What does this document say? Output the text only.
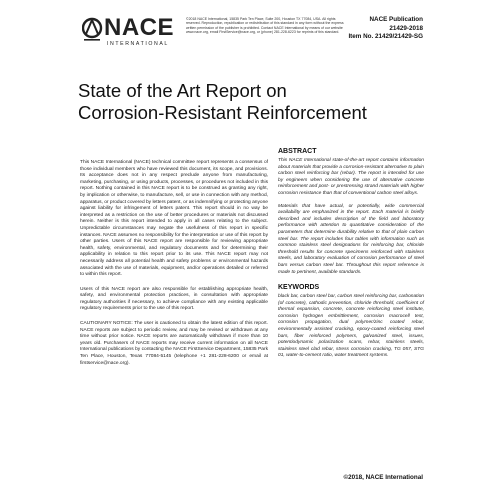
NACE
INTERNATIONAL
©2018 NACE International, 15835 Park Ten Place, Suite 200, Houston TX 77084, USA. All rights reserved. Reproduction, republication or redistribution of this standard in any form without the express written permission of the publisher is prohibited. Contact NACE International by means of our website www.nace.org, email FirstService@nace.org, or (phone) 281-228-6223 for reprints of this standard.
NACE Publication
21429-2018
Item No. 21429/21429-SG
State of the Art Report on
Corrosion-Resistant Reinforcement

This NACE International (NACE) technical committee report represents a consensus of those individual members who have reviewed this document, its scope, and provisions. Its acceptance does not in any respect preclude anyone from manufacturing, marketing, purchasing, or using products, processes, or procedures not included in this report. Nothing contained in this NACE report is to be construed as granting any right, by implication or otherwise, to manufacture, sell, or use in connection with any method, apparatus, or product covered by letters patent, or as indemnifying or protecting anyone against liability for infringement of letters patent. This report should in no way be interpreted as a restriction on the use of better procedures or materials not discussed herein. Neither is this report intended to apply in all cases relating to the subject. Unpredictable circumstances may negate the usefulness of this report in specific instances. NACE assumes no responsibility for the interpretation or use of this report by other parties. Users of this NACE report are responsible for reviewing appropriate health, safety, environmental, and regulatory documents and for determining their applicability in relation to this report prior to its use. This NACE report may not necessarily address all potential health and safety problems or environmental hazards associated with the use of materials, equipment, and/or operations detailed or referred to within this report.

Users of this NACE report are also responsible for establishing appropriate health, safety, and environmental protection practices, in consultation with appropriate regulatory authorities if necessary, to achieve compliance with any existing applicable regulatory requirements prior to the use of this report.

CAUTIONARY NOTICE: The user is cautioned to obtain the latest edition of this report. NACE reports are subject to periodic review, and may be revised or withdrawn at any time without prior notice. NACE reports are automatically withdrawn if more than 10 years old. Purchasers of NACE reports may receive current information on all NACE International publications by contacting the NACE FirstService Department, 15835 Park Ten Place, Houston, Texas 77084-5145 (telephone +1 281-228-6200 or email at firstservice@nace.org).

ABSTRACT

This NACE International state-of-the-art report contains information about materials that provide a corrosion-resistant alternative to plain carbon steel reinforcing bar (rebar). The report is intended for use by engineers when considering the use of alternative concrete reinforcement and post- or prestressing strand materials with higher corrosion resistance than that of conventional carbon steel alloys.

Materials that have actual, or potentially, wide commercial availability are emphasized in the report. Each material is briefly described and includes description of the field and laboratory performance with attention to quantitative consideration of the parameters that determine durability relative to that of plain carbon steel bar. The report includes four tables with information such as common stainless steel designations for reinforcing bar, chloride threshold results for concrete specimens reinforced with stainless steels, and laboratory evaluation of corrosion performance of steel bars versus carbon steel bar. Throughout this report reference is made to pertinent, available standards.

KEYWORDS

black bar, carbon steel bar, carbon steel reinforcing bar, carbonation (of concrete), cathodic prevention, chloride threshold, coefficient of thermal expansion, concrete, concrete reinforcing steel institute, corrosion hydrogen embrittlement, corrosion macrocell test, corrosion propagation, dual polymer/zinc coated rebar, environmentally assisted cracking, epoxy-coated reinforcing steel bars, fiber reinforced polymers, galvanized steel, issues, potentiodynamic polarization scans, rebar, stainless steels, stainless steel clad rebar, stress corrosion cracking, TG 057, STG 01, water-to-cement ratio, water treatment systems.

©2018, NACE International
